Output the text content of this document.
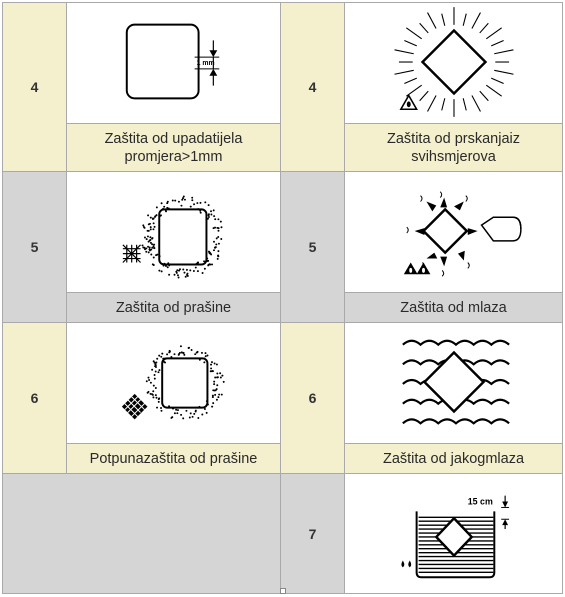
4
1 mm
Zaštita od upadatijela promjera>1mm
4
Zaštita od prskanjaiz svihsmjerova
5
Zaštita od prašine
5
Zaštita od mlaza
6
Potpunazaštita od prašine
6
Zaštita od jakogmlaza
7
15 cm
